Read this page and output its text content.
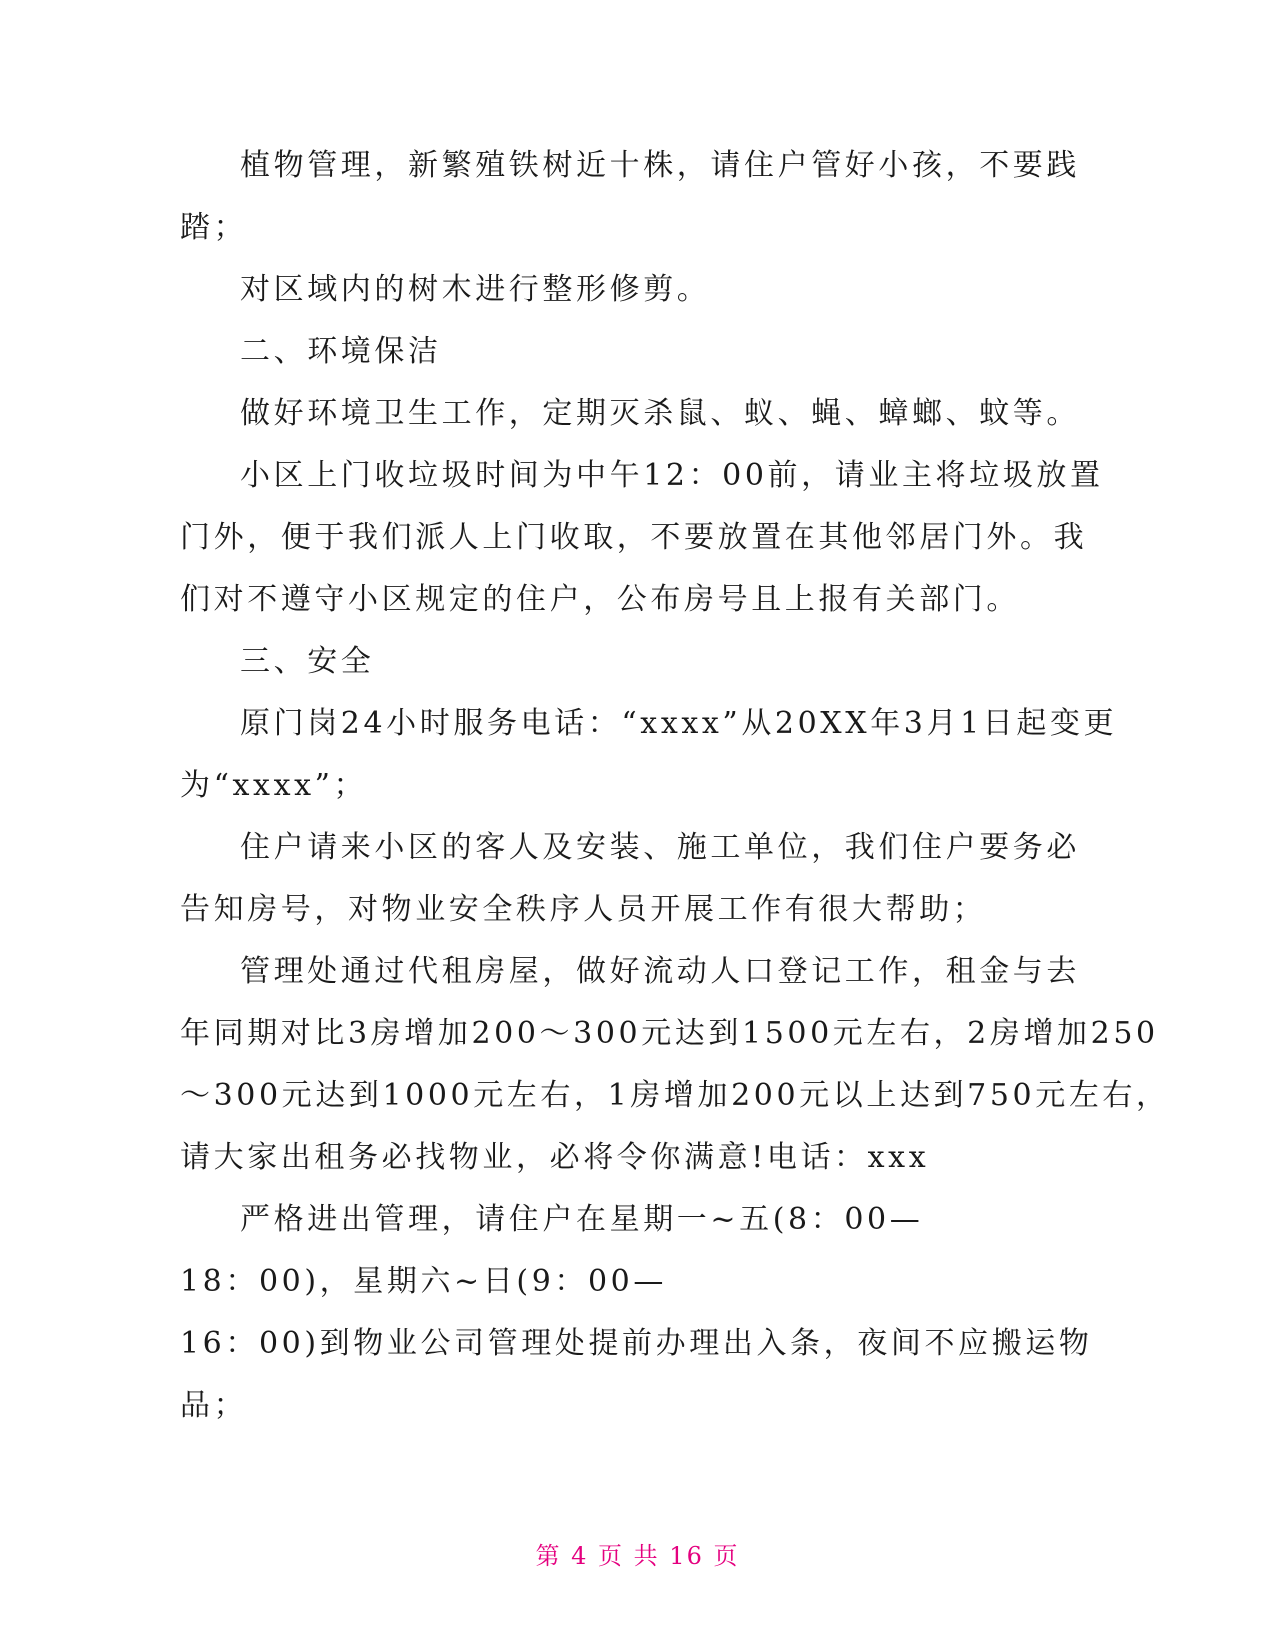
植物管理，新繁殖铁树近十株，请住户管好小孩，不要践
踏；
对区域内的树木进行整形修剪。
二、环境保洁
做好环境卫生工作，定期灭杀鼠、蚁、蝇、蟑螂、蚊等。
小区上门收垃圾时间为中午12：00前，请业主将垃圾放置
门外，便于我们派人上门收取，不要放置在其他邻居门外。我
们对不遵守小区规定的住户，公布房号且上报有关部门。
三、安全
原门岗24小时服务电话：“xxxx”从20XX年3月1日起变更
为“xxxx”；
住户请来小区的客人及安装、施工单位，我们住户要务必
告知房号，对物业安全秩序人员开展工作有很大帮助；
管理处通过代租房屋，做好流动人口登记工作，租金与去
年同期对比3房增加200～300元达到1500元左右，2房增加250
～300元达到1000元左右，1房增加200元以上达到750元左右，
请大家出租务必找物业，必将令你满意!电话：xxx
严格进出管理，请住户在星期一~五(8：00—
18：00)，星期六~日(9：00—
16：00)到物业公司管理处提前办理出入条，夜间不应搬运物
品；
第 4 页 共 16 页
